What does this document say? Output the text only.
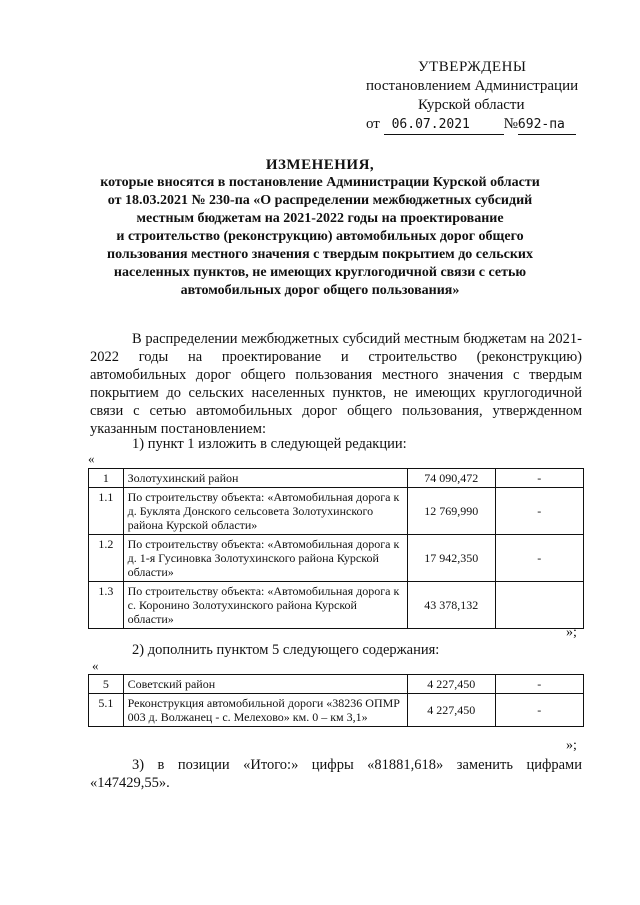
УТВЕРЖДЕНЫ
постановлением Администрации
Курской области
от 06.07.2021 №692-па
ИЗМЕНЕНИЯ,
которые вносятся в постановление Администрации Курской области
от 18.03.2021 № 230-па «О распределении межбюджетных субсидий
местным бюджетам на 2021-2022 годы на проектирование
и строительство (реконструкцию) автомобильных дорог общего
пользования местного значения с твердым покрытием до сельских
населенных пунктов, не имеющих круглогодичной связи с сетью
автомобильных дорог общего пользования»
В распределении межбюджетных субсидий местным бюджетам на 2021-2022 годы на проектирование и строительство (реконструкцию) автомобильных дорог общего пользования местного значения с твердым покрытием до сельских населенных пунктов, не имеющих круглогодичной связи с сетью автомобильных дорог общего пользования, утвержденном указанным постановлением:
1) пункт 1 изложить в следующей редакции:
«
1	Золотухинский район	74 090,472	-
1.1	По строительству объекта: «Автомобильная дорога к д. Буклята Донского сельсовета Золотухинского района Курской области»	12 769,990	-
1.2	По строительству объекта: «Автомобильная дорога к д. 1-я Гусиновка Золотухинского района Курской области»	17 942,350	-
1.3	По строительству объекта: «Автомобильная дорога к с. Коронино Золотухинского района Курской области»	43 378,132	
»;
2) дополнить пунктом 5 следующего содержания:
«
5	Советский район	4 227,450	-
5.1	Реконструкция автомобильной дороги «38236 ОПМР 003 д. Волжанец - с. Мелехово» км. 0 – км 3,1»	4 227,450	-
»;
3) в позиции «Итого:» цифры «81881,618» заменить цифрами «147429,55».
